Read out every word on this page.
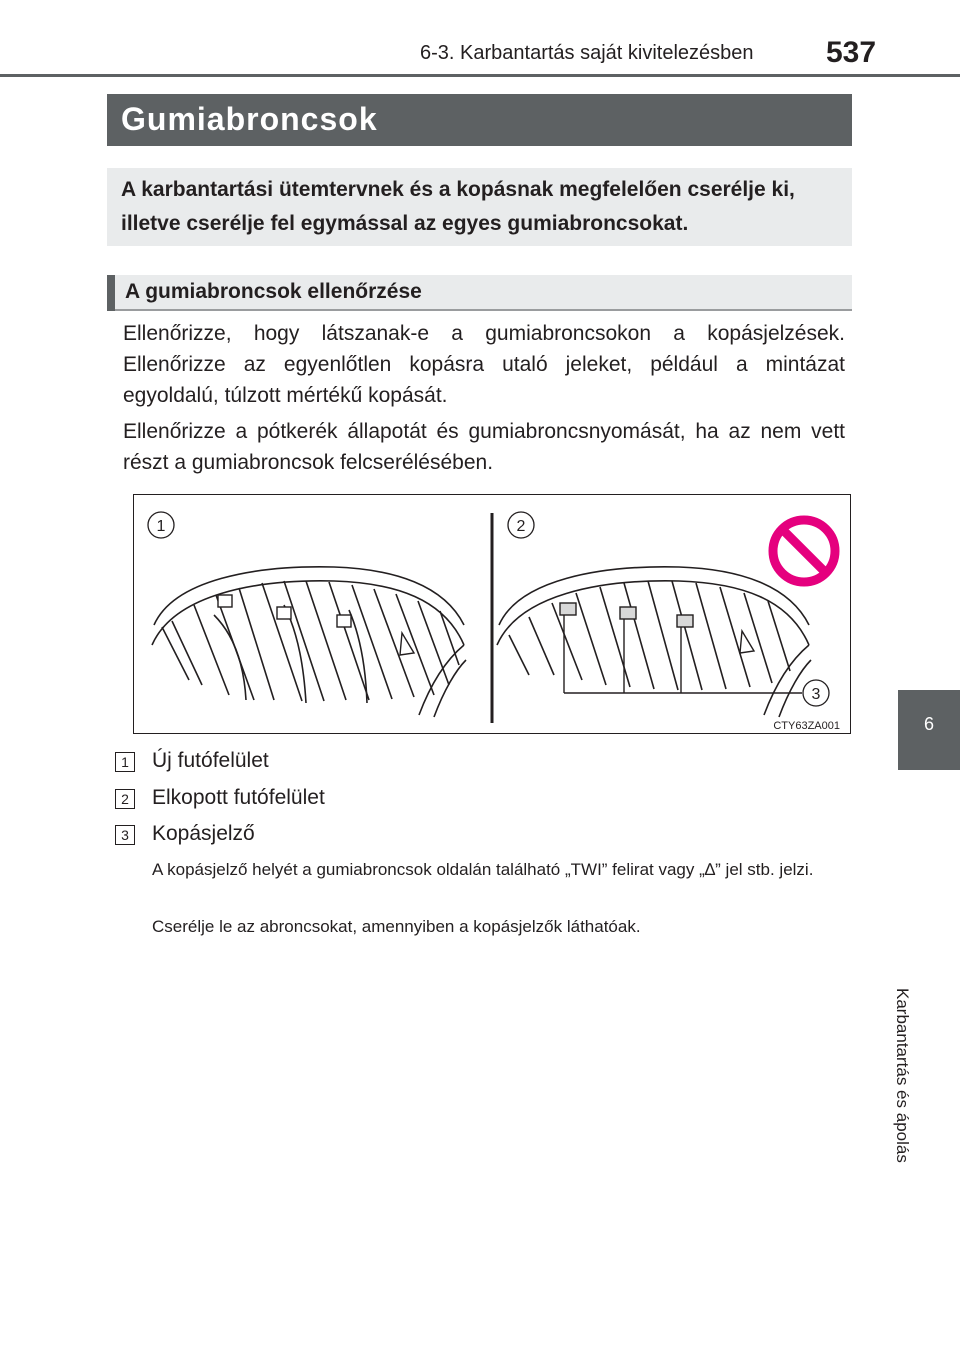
6-3. Karbantartás saját kivitelezésben 537
Gumiabroncsok
A karbantartási ütemtervnek és a kopásnak megfelelően cserélje ki, illetve cserélje fel egymással az egyes gumiabroncsokat.
A gumiabroncsok ellenőrzése

Ellenőrizze, hogy látszanak-e a gumiabroncsokon a kopásjelzések. Ellenőrizze az egyenlőtlen kopásra utaló jeleket, például a mintázat egyoldalú, túlzott mértékű kopását.

Ellenőrizze a pótkerék állapotát és gumiabroncsnyomását, ha az nem vett részt a gumiabroncsok felcserélésében.

1	2
3
CTY63ZA001
1 Új futófelület
2 Elkopott futófelület
3 Kopásjelző

A kopásjelző helyét a gumiabroncsok oldalán található „TWI” felirat vagy „∆” jel stb. jelzi.

Cserélje le az abroncsokat, amennyiben a kopásjelzők láthatóak.

6
Karbantartás és ápolás
